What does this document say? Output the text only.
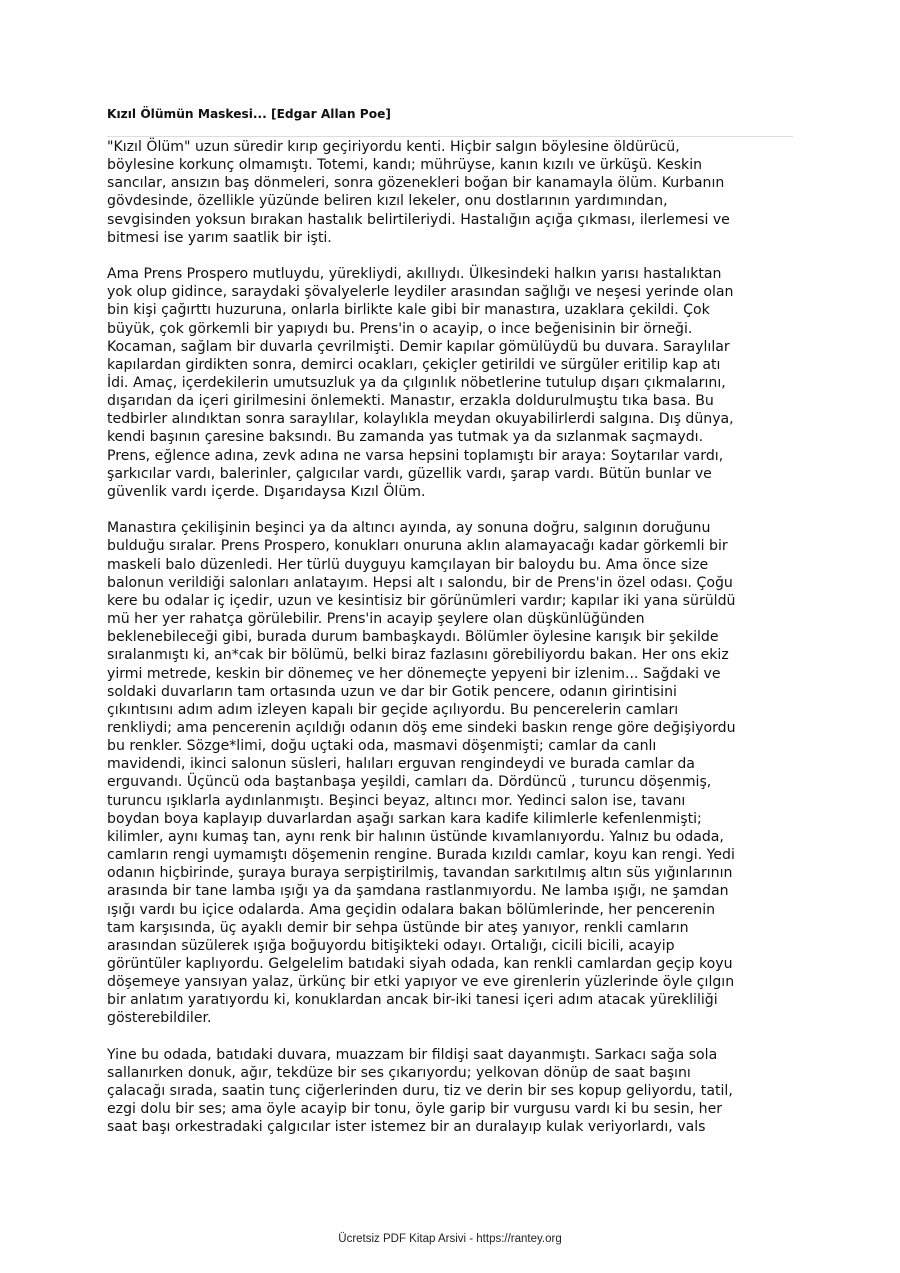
Kızıl Ölümün Maskesi... [Edgar Allan Poe]

"Kızıl Ölüm" uzun süredir kırıp geçiriyordu kenti. Hiçbir salgın böylesine öldürücü,
böylesine korkunç olmamıştı. Totemi, kandı; mührüyse, kanın kızılı ve ürküşü. Keskin
sancılar, ansızın baş dönmeleri, sonra gözenekleri boğan bir kanamayla ölüm. Kurbanın
gövdesinde, özellikle yüzünde beliren kızıl lekeler, onu dostlarının yardımından,
sevgisinden yoksun bırakan hastalık belirtileriydi. Hastalığın açığa çıkması, ilerlemesi ve
bitmesi ise yarım saatlik bir işti.

Ama Prens Prospero mutluydu, yürekliydi, akıllıydı. Ülkesindeki halkın yarısı hastalıktan
yok olup gidince, saraydaki şövalyelerle leydiler arasından sağlığı ve neşesi yerinde olan
bin kişi çağırttı huzuruna, onlarla birlikte kale gibi bir manastıra, uzaklara çekildi. Çok
büyük, çok görkemli bir yapıydı bu. Prens'in o acayip, o ince beğenisinin bir örneği.
Kocaman, sağlam bir duvarla çevrilmişti. Demir kapılar gömülüydü bu duvara. Saraylılar
kapılardan girdikten sonra, demirci ocakları, çekiçler getirildi ve sürgüler eritilip kap atı
İdi. Amaç, içerdekilerin umutsuzluk ya da çılgınlık nöbetlerine tutulup dışarı çıkmalarını,
dışarıdan da içeri girilmesini önlemekti. Manastır, erzakla doldurulmuştu tıka basa. Bu
tedbirler alındıktan sonra saraylılar, kolaylıkla meydan okuyabilirlerdi salgına. Dış dünya,
kendi başının çaresine baksındı. Bu zamanda yas tutmak ya da sızlanmak saçmaydı.
Prens, eğlence adına, zevk adına ne varsa hepsini toplamıştı bir araya: Soytarılar vardı,
şarkıcılar vardı, balerinler, çalgıcılar vardı, güzellik vardı, şarap vardı. Bütün bunlar ve
güvenlik vardı içerde. Dışarıdaysa Kızıl Ölüm.

Manastıra çekilişinin beşinci ya da altıncı ayında, ay sonuna doğru, salgının doruğunu
bulduğu sıralar. Prens Prospero, konukları onuruna aklın alamayacağı kadar görkemli bir
maskeli balo düzenledi. Her türlü duyguyu kamçılayan bir baloydu bu. Ama önce size
balonun verildiği salonları anlatayım. Hepsi alt ı salondu, bir de Prens'in özel odası. Çoğu
kere bu odalar iç içedir, uzun ve kesintisiz bir görünümleri vardır; kapılar iki yana sürüldü
mü her yer rahatça görülebilir. Prens'in acayip şeylere olan düşkünlüğünden
beklenebileceği gibi, burada durum bambaşkaydı. Bölümler öylesine karışık bir şekilde
sıralanmıştı ki, an*cak bir bölümü, belki biraz fazlasını görebiliyordu bakan. Her ons ekiz
yirmi metrede, keskin bir dönemeç ve her dönemeçte yepyeni bir izlenim... Sağdaki ve
soldaki duvarların tam ortasında uzun ve dar bir Gotik pencere, odanın girintisini
çıkıntısını adım adım izleyen kapalı bir geçide açılıyordu. Bu pencerelerin camları
renkliydi; ama pencerenin açıldığı odanın döş eme sindeki baskın renge göre değişiyordu
bu renkler. Sözge*limi, doğu uçtaki oda, masmavi döşenmişti; camlar da canlı
mavidendi, ikinci salonun süsleri, halıları erguvan rengindeydi ve burada camlar da
erguvandı. Üçüncü oda baştanbaşa yeşildi, camları da. Dördüncü , turuncu döşenmiş,
turuncu ışıklarla aydınlanmıştı. Beşinci beyaz, altıncı mor. Yedinci salon ise, tavanı
boydan boya kaplayıp duvarlardan aşağı sarkan kara kadife kilimlerle kefenlenmişti;
kilimler, aynı kumaş tan, aynı renk bir halının üstünde kıvamlanıyordu. Yalnız bu odada,
camların rengi uymamıştı döşemenin rengine. Burada kızıldı camlar, koyu kan rengi. Yedi
odanın hiçbirinde, şuraya buraya serpiştirilmiş, tavandan sarkıtılmış altın süs yığınlarının
arasında bir tane lamba ışığı ya da şamdana rastlanmıyordu. Ne lamba ışığı, ne şamdan
ışığı vardı bu içice odalarda. Ama geçidin odalara bakan bölümlerinde, her pencerenin
tam karşısında, üç ayaklı demir bir sehpa üstünde bir ateş yanıyor, renkli camların
arasından süzülerek ışığa boğuyordu bitişikteki odayı. Ortalığı, cicili bicili, acayip
görüntüler kaplıyordu. Gelgelelim batıdaki siyah odada, kan renkli camlardan geçip koyu
döşemeye yansıyan yalaz, ürkünç bir etki yapıyor ve eve girenlerin yüzlerinde öyle çılgın
bir anlatım yaratıyordu ki, konuklardan ancak bir-iki tanesi içeri adım atacak yürekliliği
gösterebildiler.

Yine bu odada, batıdaki duvara, muazzam bir fildişi saat dayanmıştı. Sarkacı sağa sola
sallanırken donuk, ağır, tekdüze bir ses çıkarıyordu; yelkovan dönüp de saat başını
çalacağı sırada, saatin tunç ciğerlerinden duru, tiz ve derin bir ses kopup geliyordu, tatil,
ezgi dolu bir ses; ama öyle acayip bir tonu, öyle garip bir vurgusu vardı ki bu sesin, her
saat başı orkestradaki çalgıcılar ister istemez bir an duralayıp kulak veriyorlardı, vals

Ücretsiz PDF Kitap Arsivi - https://rantey.org
